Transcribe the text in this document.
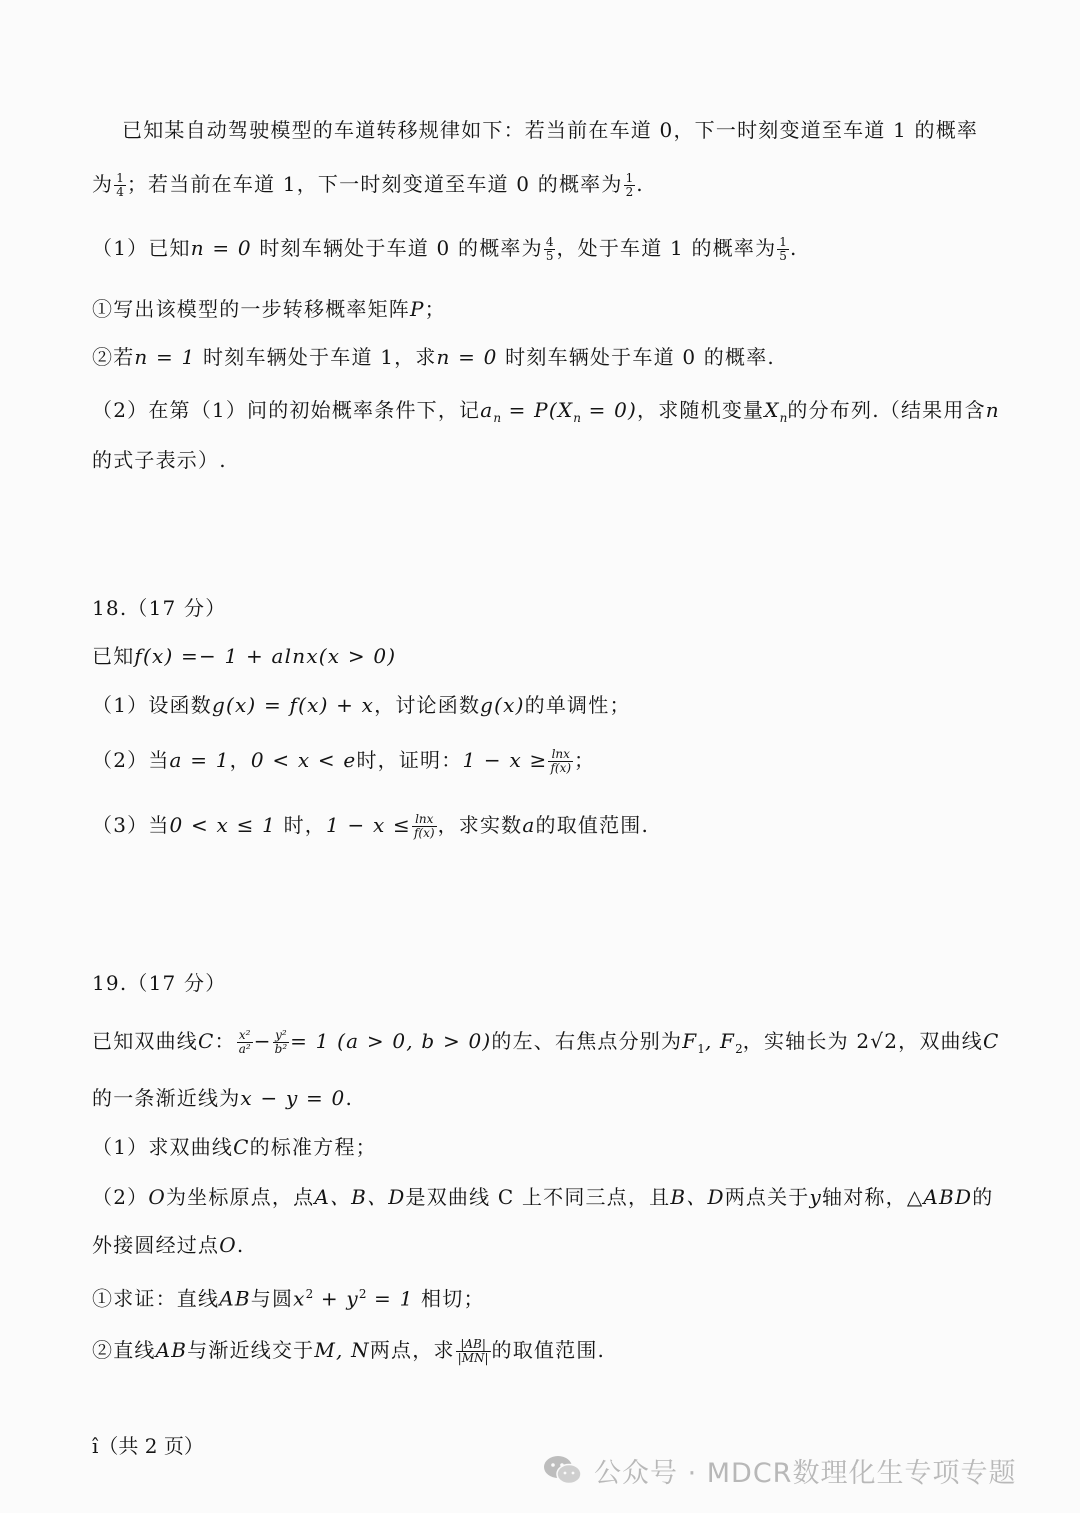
已知某自动驾驶模型的车道转移规律如下：若当前在车道 0，下一时刻变道至车道 1 的概率
为 $\frac{1}{4}$ ；若当前在车道 1，下一时刻变道至车道 0 的概率为 $\frac{1}{2}$ .
（1）已知n = 0 时刻车辆处于车道 0 的概率为 $\frac{4}{5}$ ，处于车道 1 的概率为 $\frac{1}{5}$ .
①写出该模型的一步转移概率矩阵P；
②若n = 1 时刻车辆处于车道 1，求n = 0 时刻车辆处于车道 0 的概率.
（2）在第（1）问的初始概率条件下，记$a_n = P(X_n = 0)$，求随机变量$X_n$的分布列.（结果用含n
的式子表示）.
18.（17 分）
已知f(x) =− 1 + alnx(x > 0)
（1）设函数g(x) = f(x) + x，讨论函数g(x)的单调性；
（2）当a = 1，0 < x < e时，证明：$1 - x \ge \frac{\ln x}{f(x)}$ ；
（3）当0 < x ≤ 1 时，$1 - x \le \frac{\ln x}{f(x)}$ ，求实数a的取值范围.
19.（17 分）
已知双曲线C： $\frac{\text{x²}}{\text{a²}} - \frac{\text{y²}}{\text{b²}} = 1$ (a > 0, b > 0)的左、右焦点分别为$F_1$, $F_2$，实轴长为 2√2，双曲线C
的一条渐近线为x − y = 0.
（1）求双曲线C的标准方程；
（2）O为坐标原点，点A、B、D是双曲线 C 上不同三点，且B、D两点关于y轴对称，△ABD的
外接圆经过点O.
①求证：直线AB与圆$x^2 + y^2 = 1$ 相切；
②直线AB与渐近线交于M, N两点，求 $\frac{|AB|}{|MN|}$ 的取值范围.
î（共 2 页）
公众号 · MDCR数理化生专项专题
